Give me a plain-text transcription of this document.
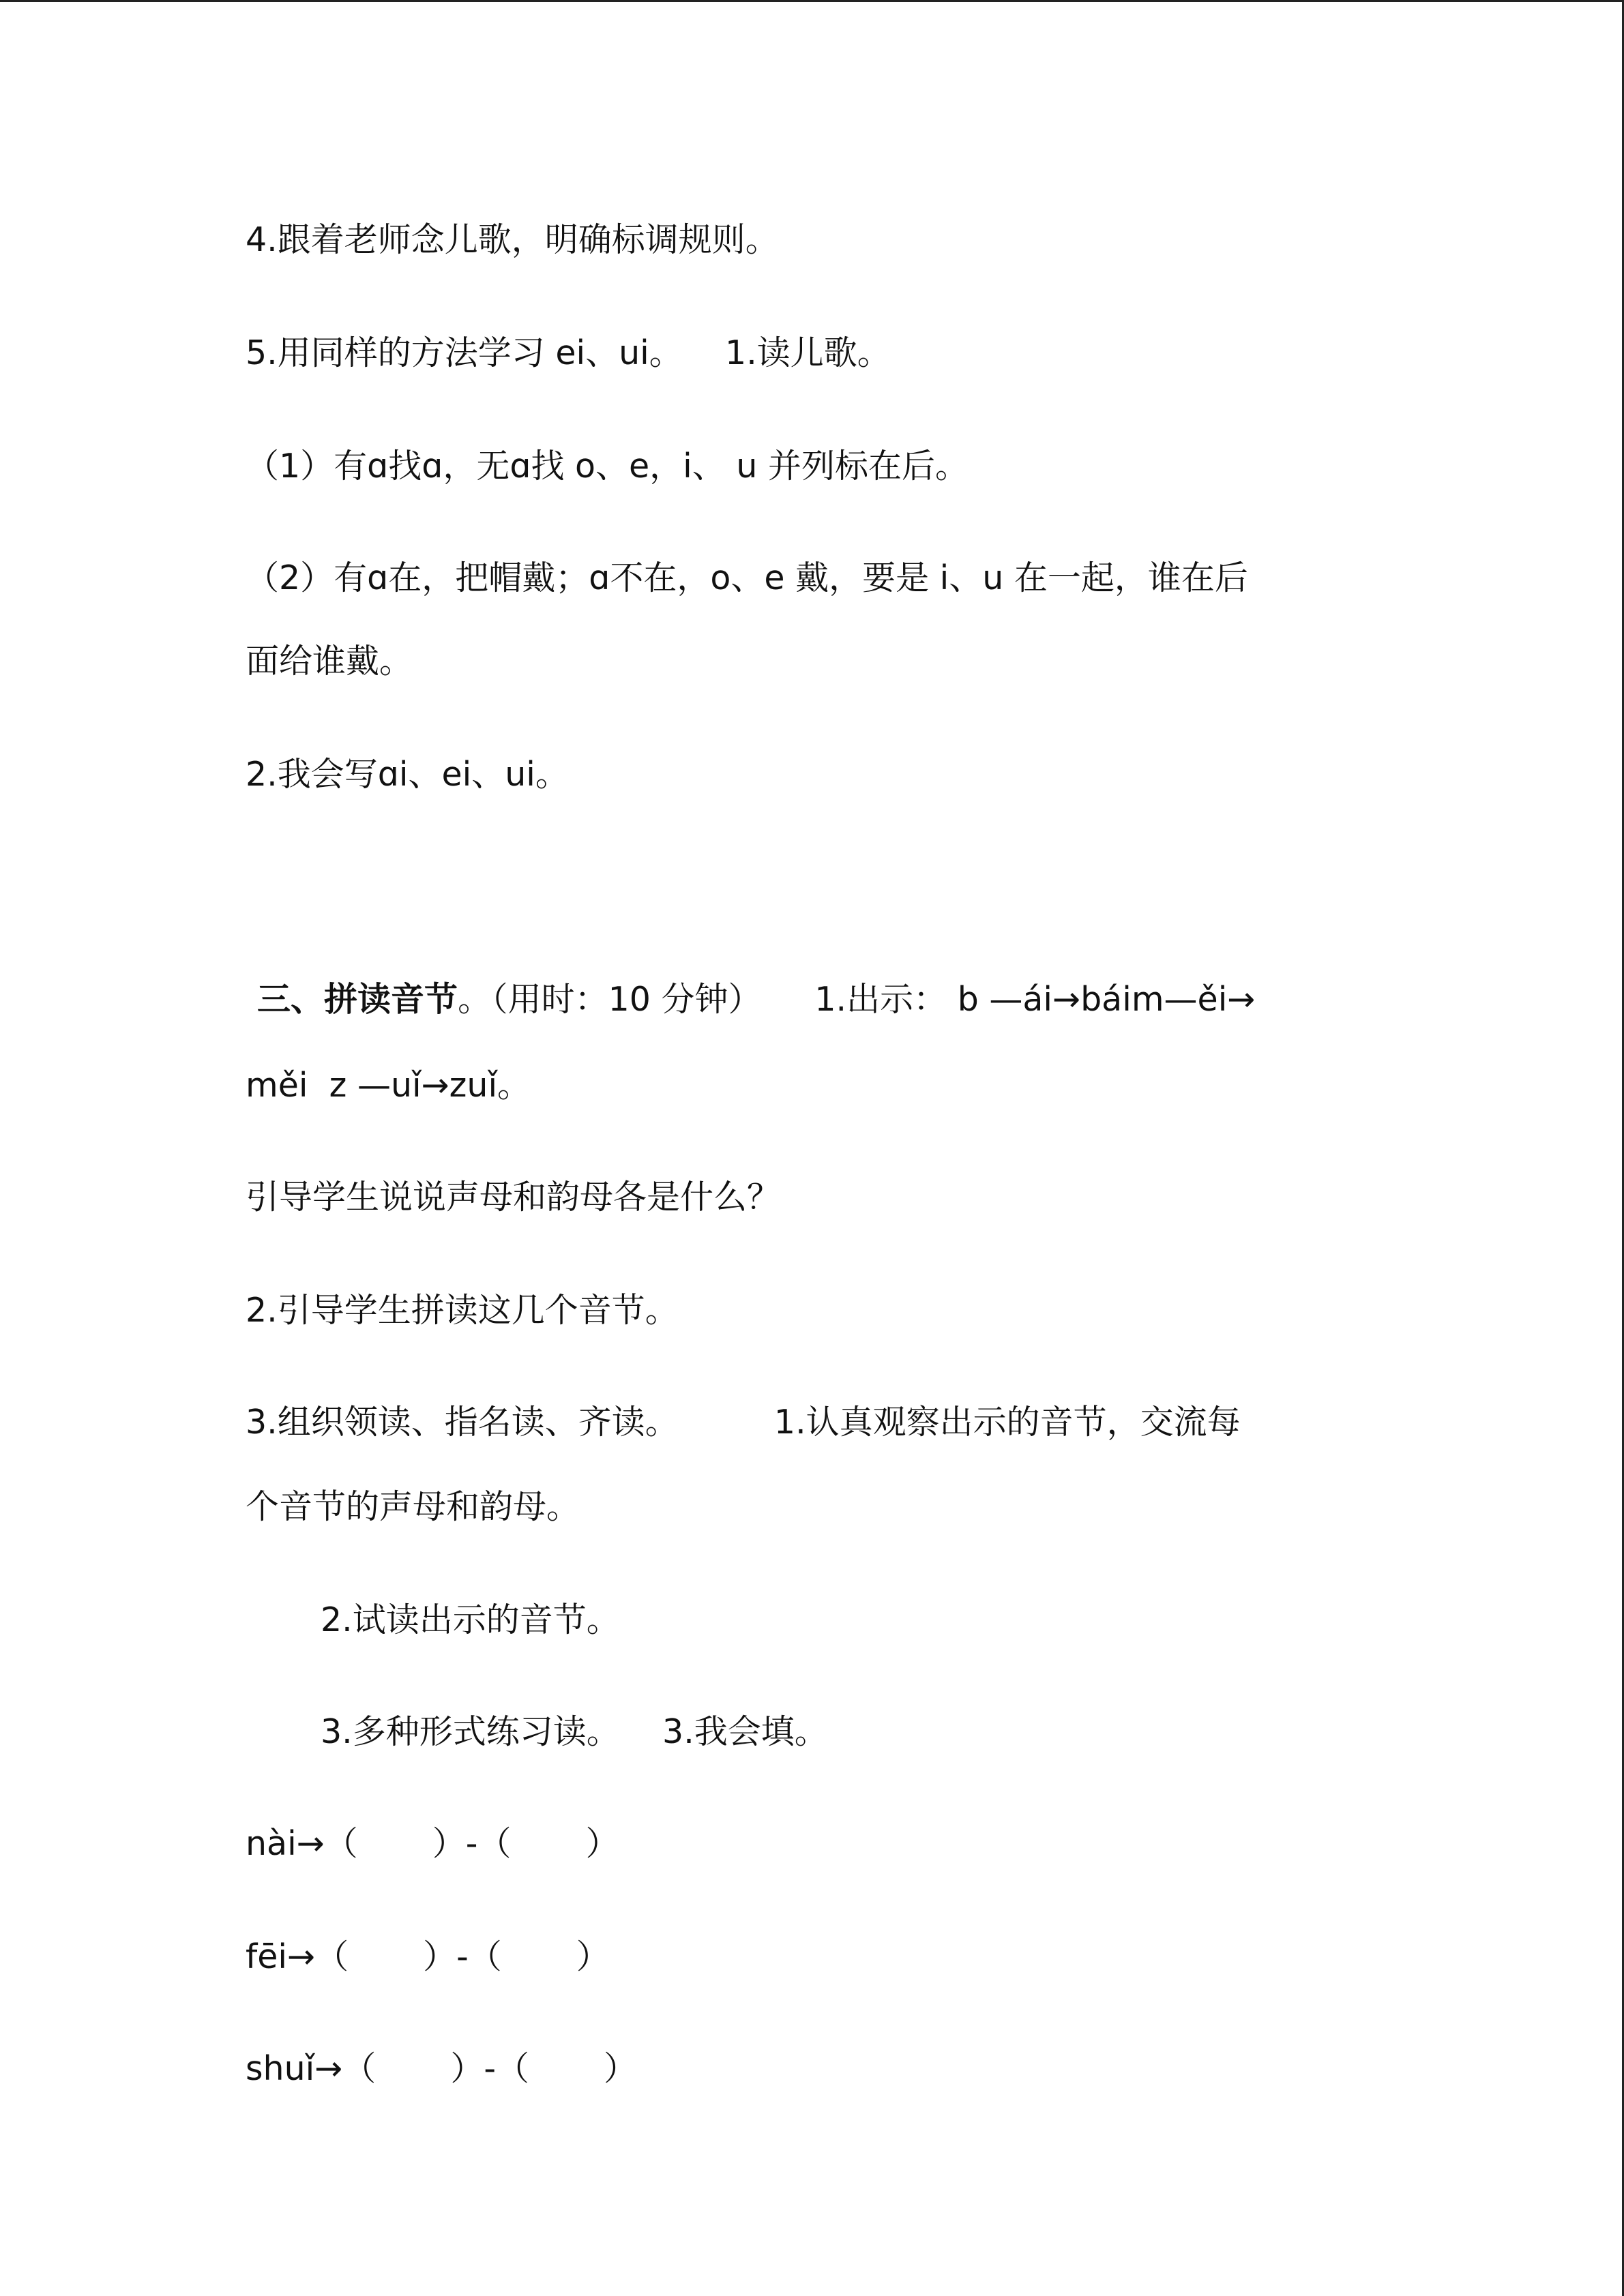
4.跟着老师念儿歌，明确标调规则。

5.用同样的方法学习 ei、ui。    1.读儿歌。

（1）有ɑ找ɑ，无ɑ找 o、e，i、 u 并列标在后。

（2）有ɑ在，把帽戴；ɑ不在，o、e 戴，要是 i、u 在一起，谁在后

面给谁戴。

2.我会写ɑi、ei、ui。

三、拼读音节。（用时：10 分钟）     1.出示： b —ái→báim—ěi→

měi  z —uǐ→zuǐ。

引导学生说说声母和韵母各是什么？

2.引导学生拼读这几个音节。

3.组织领读、指名读、齐读。         1.认真观察出示的音节，交流每

个音节的声母和韵母。

2.试读出示的音节。

3.多种形式练习读。    3.我会填。

nài→（       ）-（       ）

fēi→（       ）-（       ）

shuǐ→（       ）-（       ）
